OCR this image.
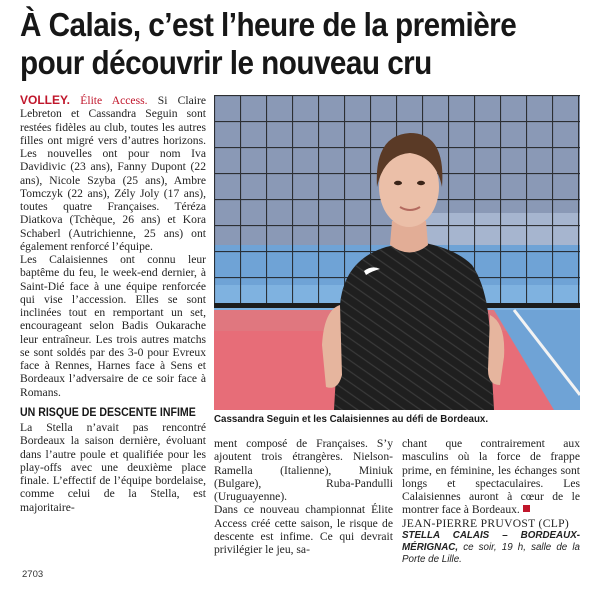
À Calais, c’est l’heure de la première
pour découvrir le nouveau cru

VOLLEY. Élite Access. Si Claire Lebreton et Cassandra Seguin sont restées fidèles au club, toutes les autres filles ont migré vers d’autres horizons. Les nouvelles ont pour nom Iva Davidivic (23 ans), Fanny Dupont (22 ans), Nicole Szyba (25 ans), Ambre Tomczyk (22 ans), Zély Joly (17 ans), toutes quatre Françaises. Téréza Diatkova (Tchèque, 26 ans) et Kora Schaberl (Autrichienne, 25 ans) ont également renforcé l’équipe.

Les Calaisiennes ont connu leur baptême du feu, le week-end dernier, à Saint-Dié face à une équipe renforcée qui vise l’accession. Elles se sont inclinées tout en remportant un set, encourageant selon Badis Oukarache leur entraîneur. Les trois autres matchs se sont soldés par des 3-0 pour Evreux face à Rennes, Harnes face à Sens et Bordeaux l’adversaire de ce soir face à Romans.

UN RISQUE DE DESCENTE INFIME

La Stella n’avait pas rencontré Bordeaux la saison dernière, évoluant dans l’autre poule et qualifiée pour les play-offs avec une deuxième place finale. L’effectif de l’équipe bordelaise, comme celui de la Stella, est majoritaire-

Cassandra Seguin et les Calaisiennes au défi de Bordeaux.

ment composé de Françaises. S’y ajoutent trois étrangères. Nielson-Ramella (Italienne), Miniuk (Bulgare), Ruba-Pandulli (Uruguayenne).

Dans ce nouveau championnat Élite Access créé cette saison, le risque de descente est infime. Ce qui devrait privilégier le jeu, sa-

chant que contrairement aux masculins où la force de frappe prime, en féminine, les échanges sont longs et spectaculaires. Les Calaisiennes auront à cœur de le montrer face à Bordeaux.

JEAN-PIERRE PRUVOST (CLP)

STELLA CALAIS – BORDEAUX-MÉRIGNAC, ce soir, 19 h, salle de la Porte de Lille.

2703
